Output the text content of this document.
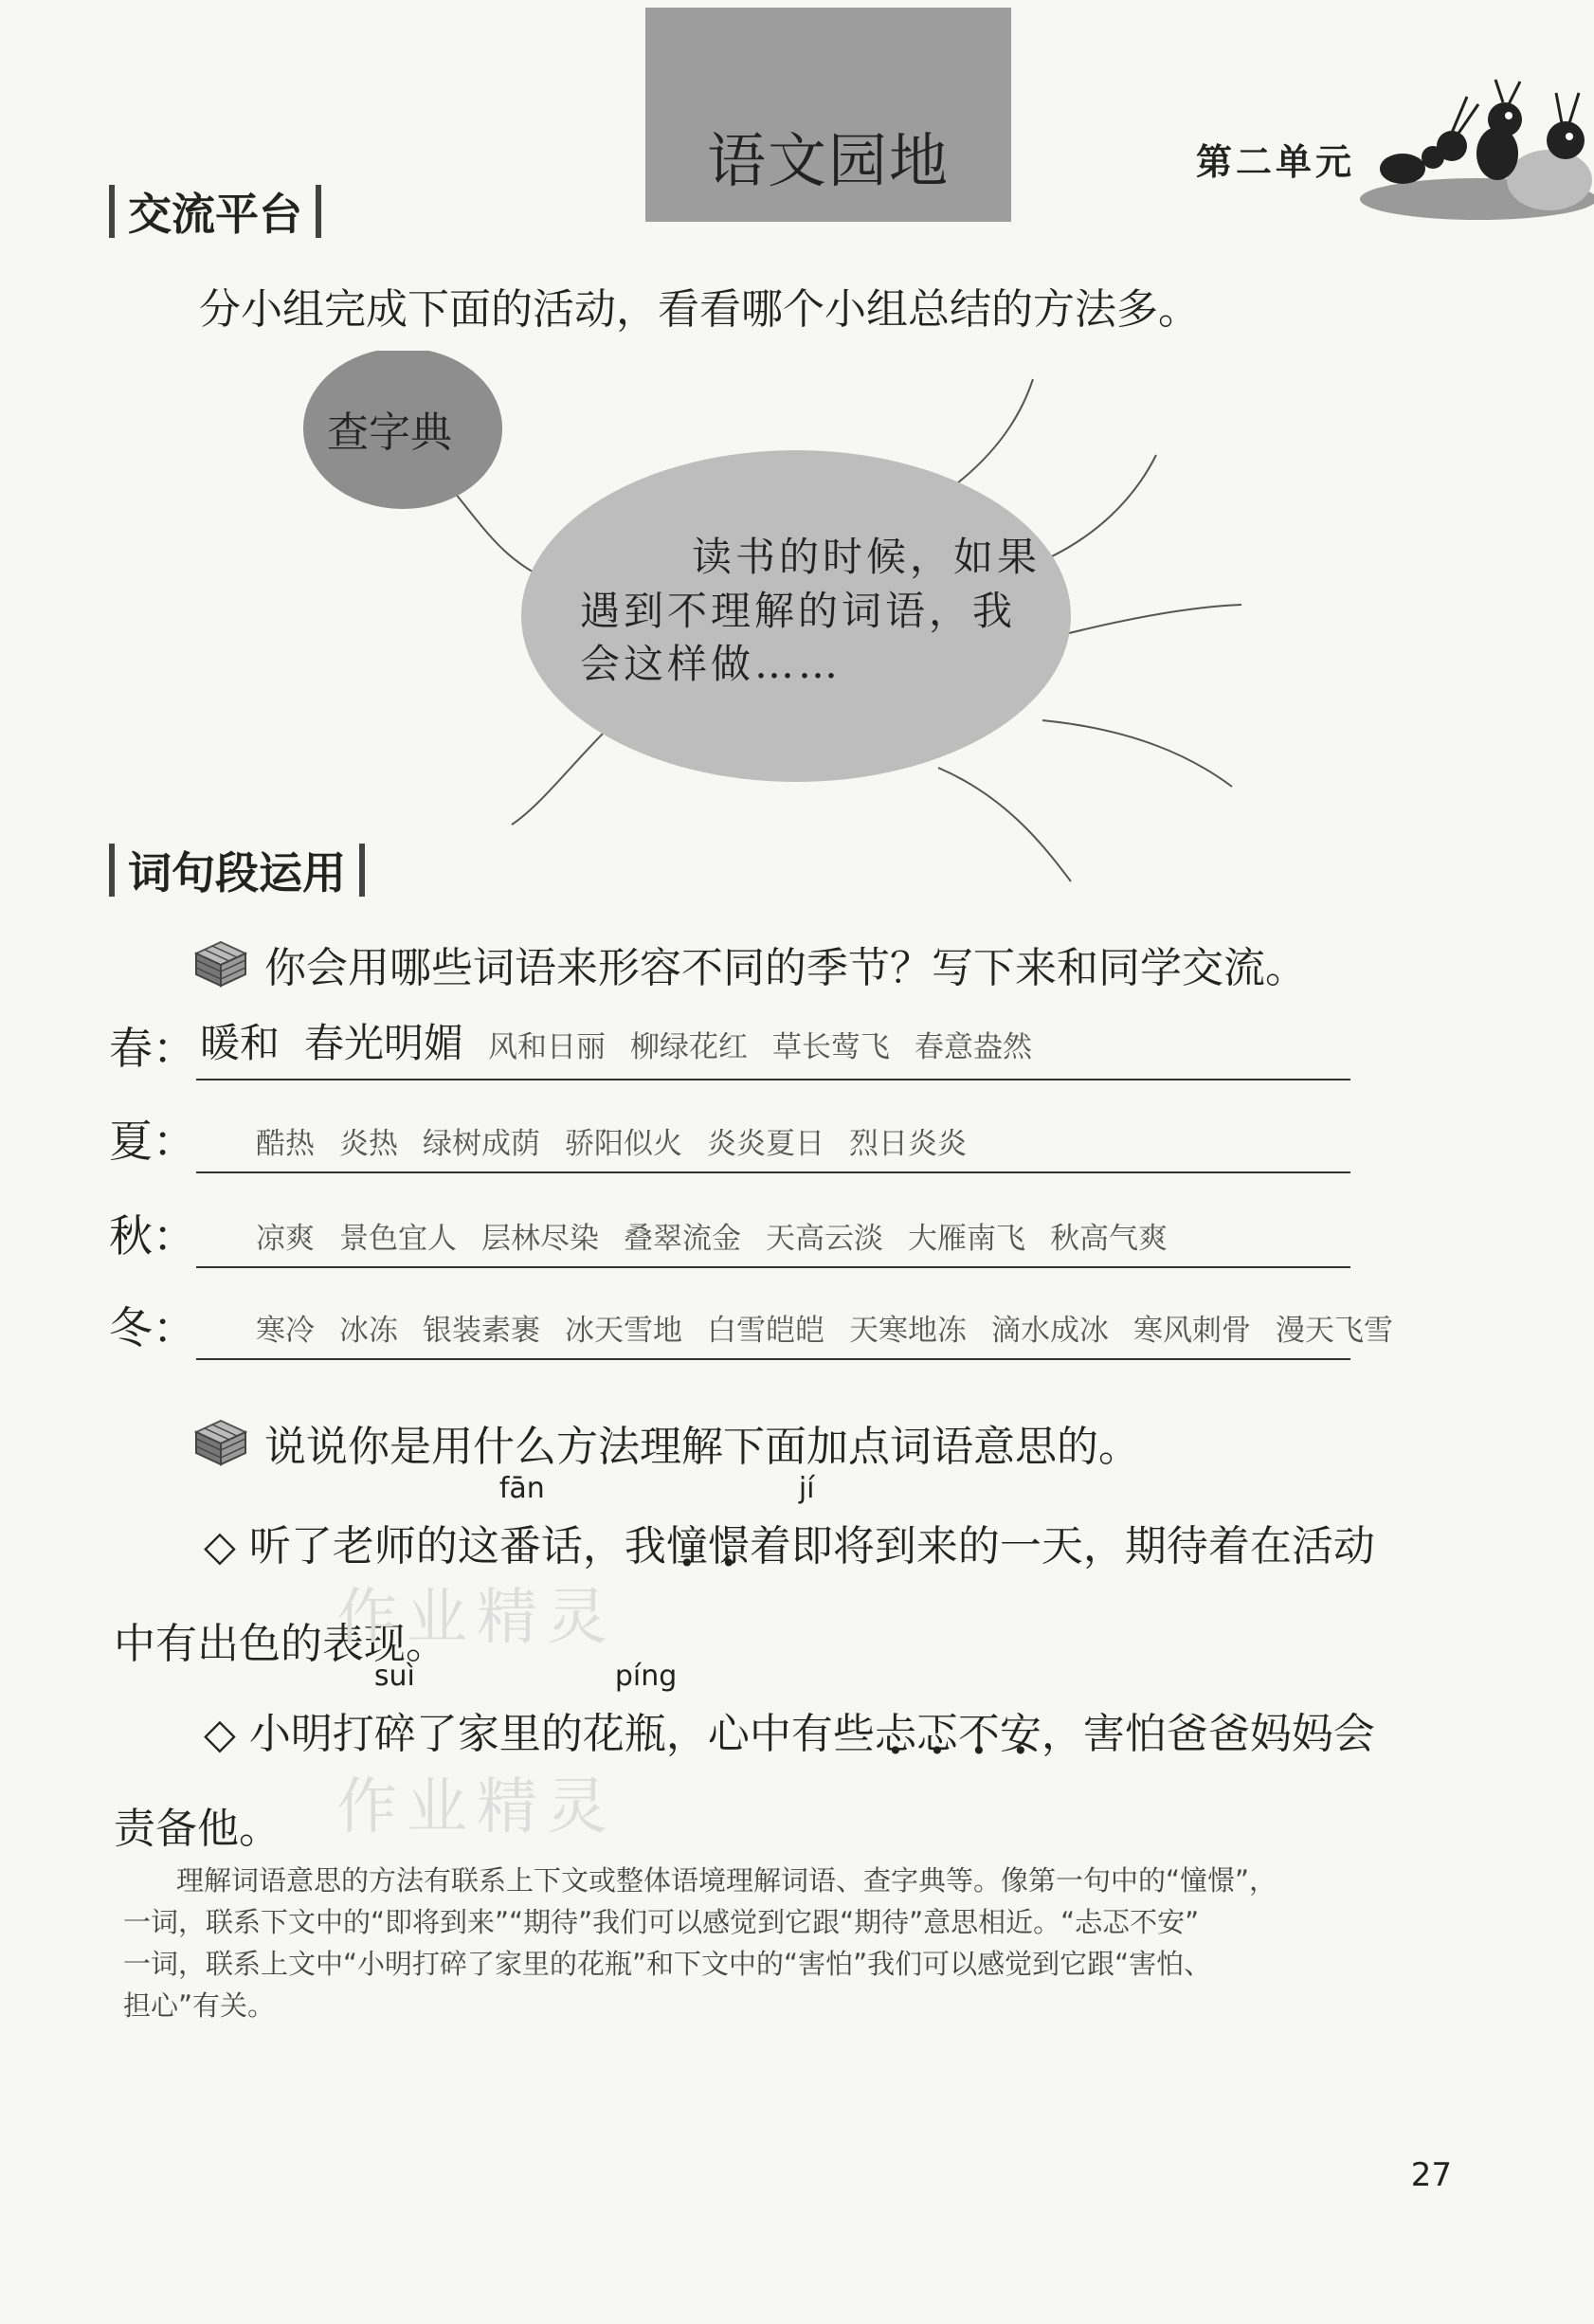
语文园地	第二单元
交流平台
分小组完成下面的活动，看看哪个小组总结的方法多。
查字典
读书的时候，如果
遇到不理解的词语，我
会这样做……
词句段运用
你会用哪些词语来形容不同的季节？写下来和同学交流。
春： 暖和 春光明媚 风和日丽 柳绿花红 草长莺飞 春意盎然
夏： 酷热 炎热 绿树成荫 骄阳似火 炎炎夏日 烈日炎炎
秋： 凉爽 景色宜人 层林尽染 叠翠流金 天高云淡 大雁南飞 秋高气爽
冬： 寒冷 冰冻 银装素裹 冰天雪地 白雪皑皑 天寒地冻 滴水成冰 寒风刺骨 漫天飞雪
说说你是用什么方法理解下面加点词语意思的。
◇ 听了老师的这
fān
番话，我憧憬着
jí
即将到来的一天，期待着在活动
中有出色的表现。
◇ 小明打
suì
碎了家里的花
píng
瓶，心中有些忐忑不安，害怕爸爸妈妈会
责备他。
作业精灵
作业精灵

理解词语意思的方法有联系上下文或整体语境理解词语、查字典等。像第一句中的“憧憬”，

一词，联系下文中的“即将到来”“期待”我们可以感觉到它跟“期待”意思相近。“忐忑不安”
一词，联系上文中“小明打碎了家里的花瓶”和下文中的“害怕”我们可以感觉到它跟“害怕、
担心”有关。
27
